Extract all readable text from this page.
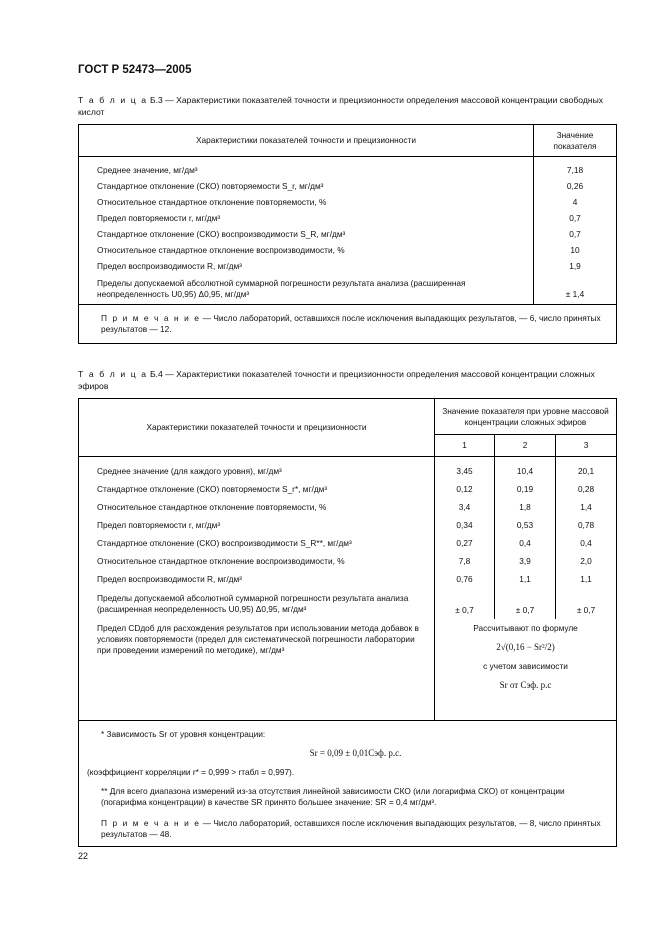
ГОСТ Р 52473—2005
Т а б л и ц а Б.3 — Характеристики показателей точности и прецизионности определения массовой концентрации свободных кислот
Характеристики показателей точности и прецизионности	Значение показателя

Среднее значение, мг/дм³	7,18
Стандартное отклонение (СКО) повторяемости S_r, мг/дм³	0,26
Относительное стандартное отклонение повторяемости, %	4
Предел повторяемости r, мг/дм³	0,7
Стандартное отклонение (СКО) воспроизводимости S_R, мг/дм³	0,7
Относительное стандартное отклонение воспроизводимости, %	10
Предел воспроизводимости R, мг/дм³	1,9
Пределы допускаемой абсолютной суммарной погрешности результата анализа (расширенная неопределенность U0,95) Δ0,95, мг/дм³	± 1,4
П р и м е ч а н и е — Число лабораторий, оставшихся после исключения выпадающих результатов, — 6, число принятых результатов — 12.	
Т а б л и ц а Б.4 — Характеристики показателей точности и прецизионности определения массовой концентрации сложных эфиров
Характеристики показателей точности и прецизионности	Значение показателя при уровне массовой концентрации сложных эфиров		
	1	2	3

Среднее значение (для каждого уровня), мг/дм³	3,45	10,4	20,1
Стандартное отклонение (СКО) повторяемости S_r*, мг/дм³	0,12	0,19	0,28
Относительное стандартное отклонение повторяемости, %	3,4	1,8	1,4
Предел повторяемости r, мг/дм³	0,34	0,53	0,78
Стандартное отклонение (СКО) воспроизводимости S_R**, мг/дм³	0,27	0,4	0,4
Относительное стандартное отклонение воспроизводимости, %	7,8	3,9	2,0
Предел воспроизводимости R, мг/дм³	0,76	1,1	1,1
Пределы допускаемой абсолютной суммарной погрешности результата анализа (расширенная неопределенность U0,95) Δ0,95, мг/дм³	± 0,7	± 0,7	± 0,7
Предел CDдоб для расхождения результатов при использовании метода добавок в условиях повторяемости (предел для систематической погрешности лаборатории при проведении измерений по методике), мг/дм³	Рассчитывают по формуле
2√(0,16 − Sr²/2)
с учетом зависимости
Sr от Cэф. р.с		

* Зависимость Sr от уровня концентрации:
Sr = 0,09 ± 0,01Cэф. р.с.
(коэффициент корреляции r* = 0,999 > rтабл = 0,997).
** Для всего диапазона измерений из-за отсутствия линейной зависимости СКО (или логарифма СКО) от концентрации (погарифма концентрации) в качестве SR принято большее значение: SR = 0,4 мг/дм³.
П р и м е ч а н и е — Число лабораторий, оставшихся после исключения выпадающих результатов, — 8, число принятых результатов — 48.			
22
